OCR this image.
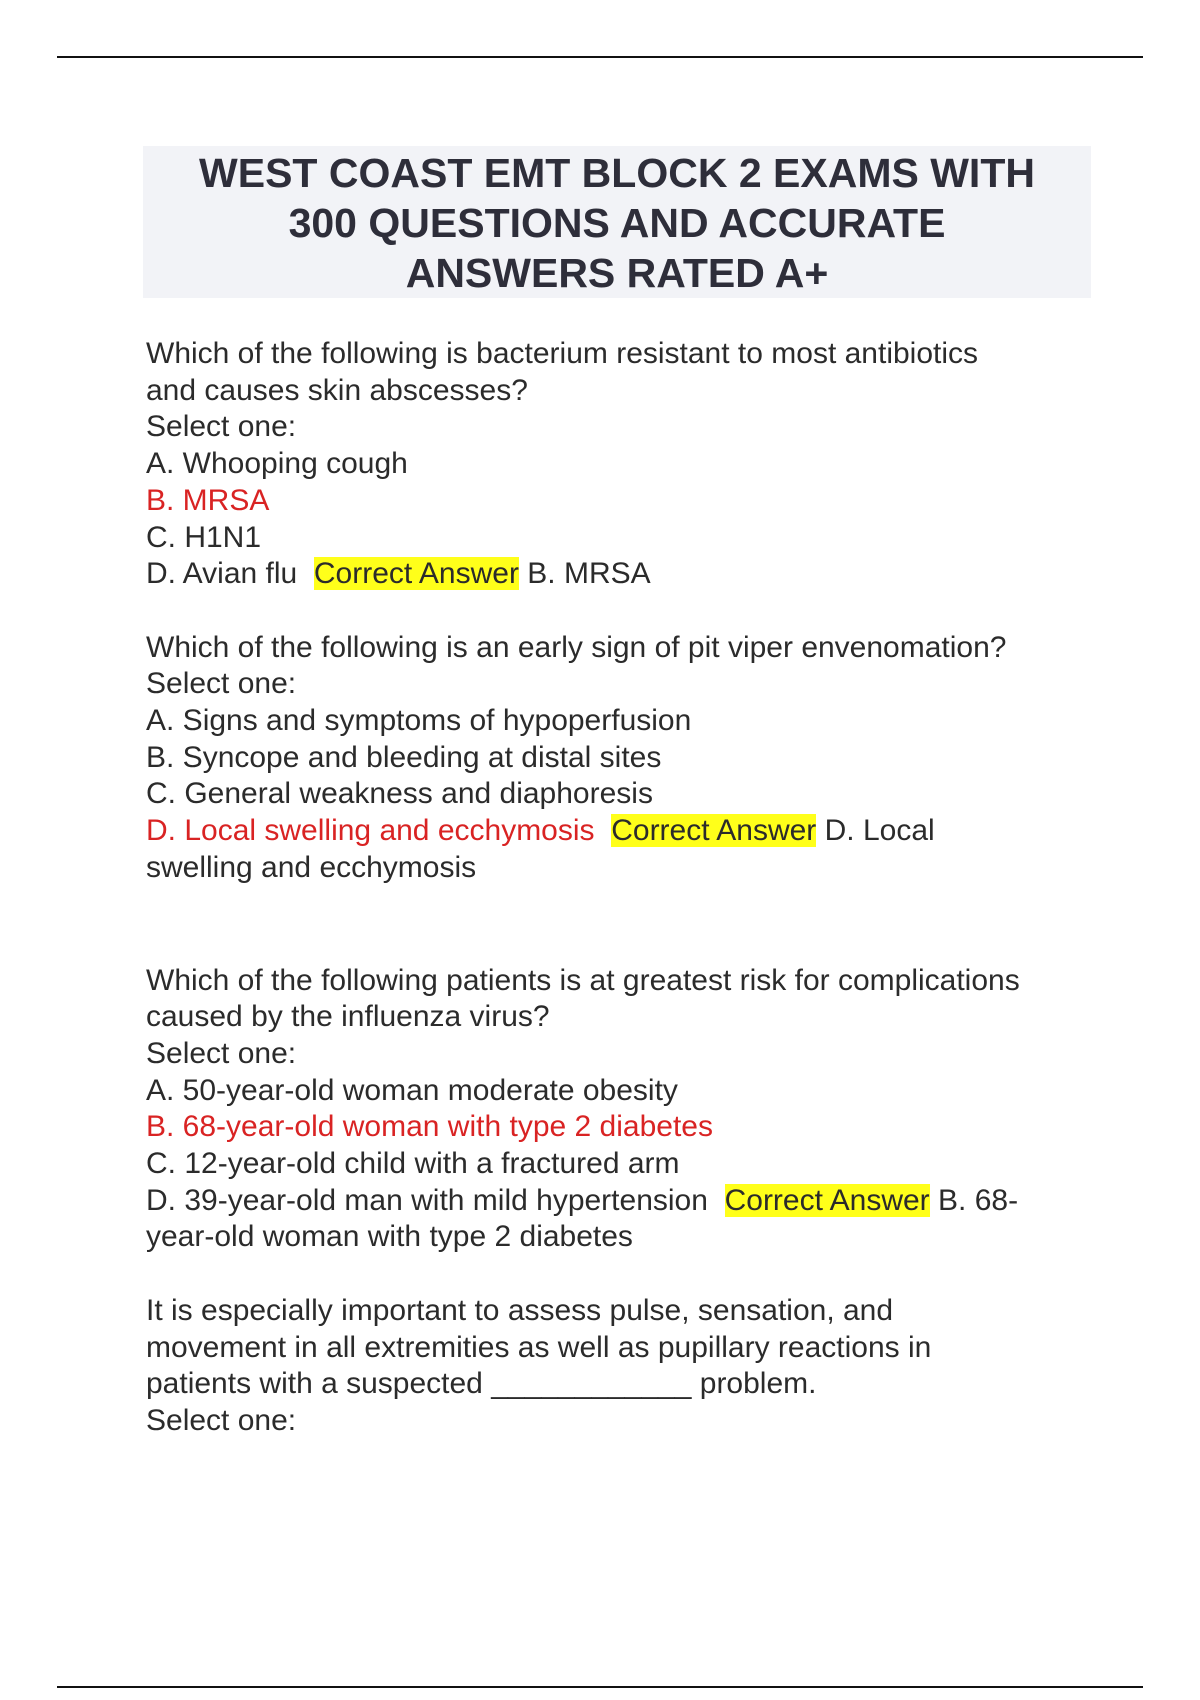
WEST COAST EMT BLOCK 2 EXAMS WITH
300 QUESTIONS AND ACCURATE
ANSWERS RATED A+
Which of the following is bacterium resistant to most antibiotics
and causes skin abscesses?
Select one:
A. Whooping cough
B. MRSA
C. H1N1
D. Avian flu Correct Answer B. MRSA
Which of the following is an early sign of pit viper envenomation?
Select one:
A. Signs and symptoms of hypoperfusion
B. Syncope and bleeding at distal sites
C. General weakness and diaphoresis
D. Local swelling and ecchymosis Correct Answer D. Local
swelling and ecchymosis
Which of the following patients is at greatest risk for complications
caused by the influenza virus?
Select one:
A. 50-year-old woman moderate obesity
B. 68-year-old woman with type 2 diabetes
C. 12-year-old child with a fractured arm
D. 39-year-old man with mild hypertension Correct Answer B. 68-
year-old woman with type 2 diabetes
It is especially important to assess pulse, sensation, and
movement in all extremities as well as pupillary reactions in
patients with a suspected ____________ problem.
Select one:
